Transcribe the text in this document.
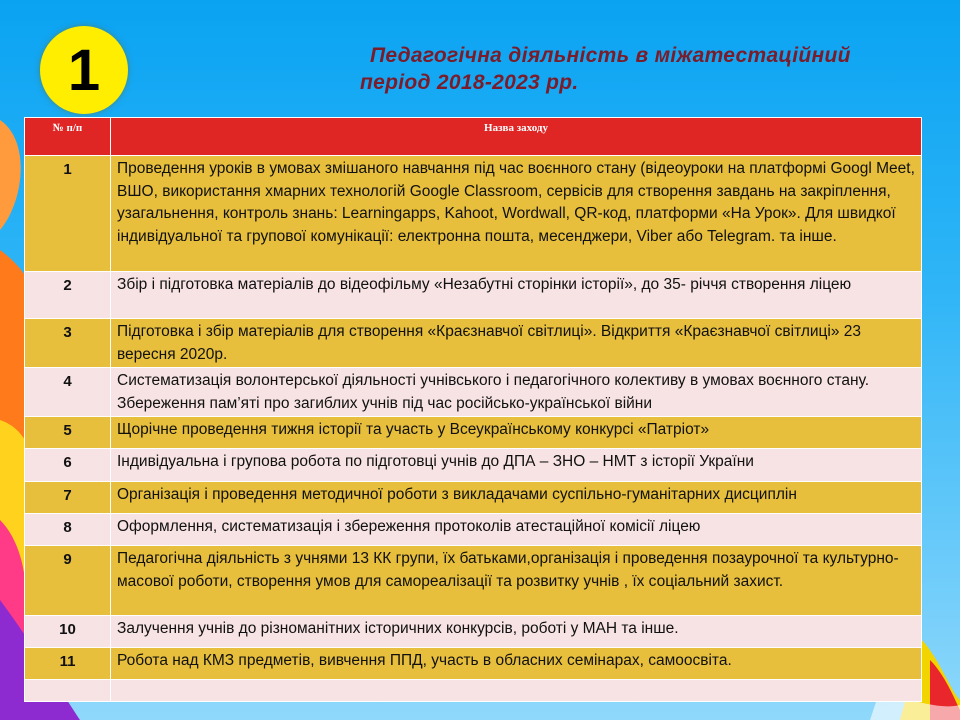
1	Педагогічна діяльність в міжатестаційний
період 2018-2023 рр.
№ п/п	Назва заходу
1	Проведення уроків в умовах змішаного навчання під час воєнного стану (відеоуроки на платформі Googl Meet, ВШО, використання хмарних технологій Google Classroom, сервісів для створення завдань на закріплення, узагальнення, контроль знань: Learningapps, Kahoot, Wordwall, QR-код, платформи «На Урок». Для швидкої індивідуальної та групової комунікації: електронна пошта, месенджери, Viber або Telegram. та інше.
2	Збір і підготовка матеріалів до відеофільму «Незабутні сторінки історії», до 35- річчя створення ліцею
3	Підготовка і збір матеріалів для створення «Краєзнавчої світлиці». Відкриття «Краєзнавчої світлиці» 23 вересня 2020р.
4	Систематизація волонтерської діяльності учнівського і педагогічного колективу в умовах воєнного стану. Збереження пам’яті про загиблих учнів під час російсько-української війни
5	Щорічне проведення тижня історії та участь у Всеукраїнському конкурсі «Патріот»
6	Індивідуальна і групова робота по підготовці учнів до ДПА – ЗНО – НМТ з історії України
7	Організація і проведення методичної роботи з викладачами суспільно-гуманітарних дисциплін
8	Оформлення, систематизація і збереження протоколів атестаційної комісії ліцею
9	Педагогічна діяльність з учнями 13 КК групи, їх батьками,організація і проведення позаурочної та культурно-масової роботи, створення умов для самореалізації та розвитку учнів , їх соціальний захист.
10	Залучення учнів до різноманітних історичних конкурсів, роботі у МАН та інше.
11	Робота над КМЗ предметів, вивчення ППД, участь в обласних семінарах, самоосвіта.
